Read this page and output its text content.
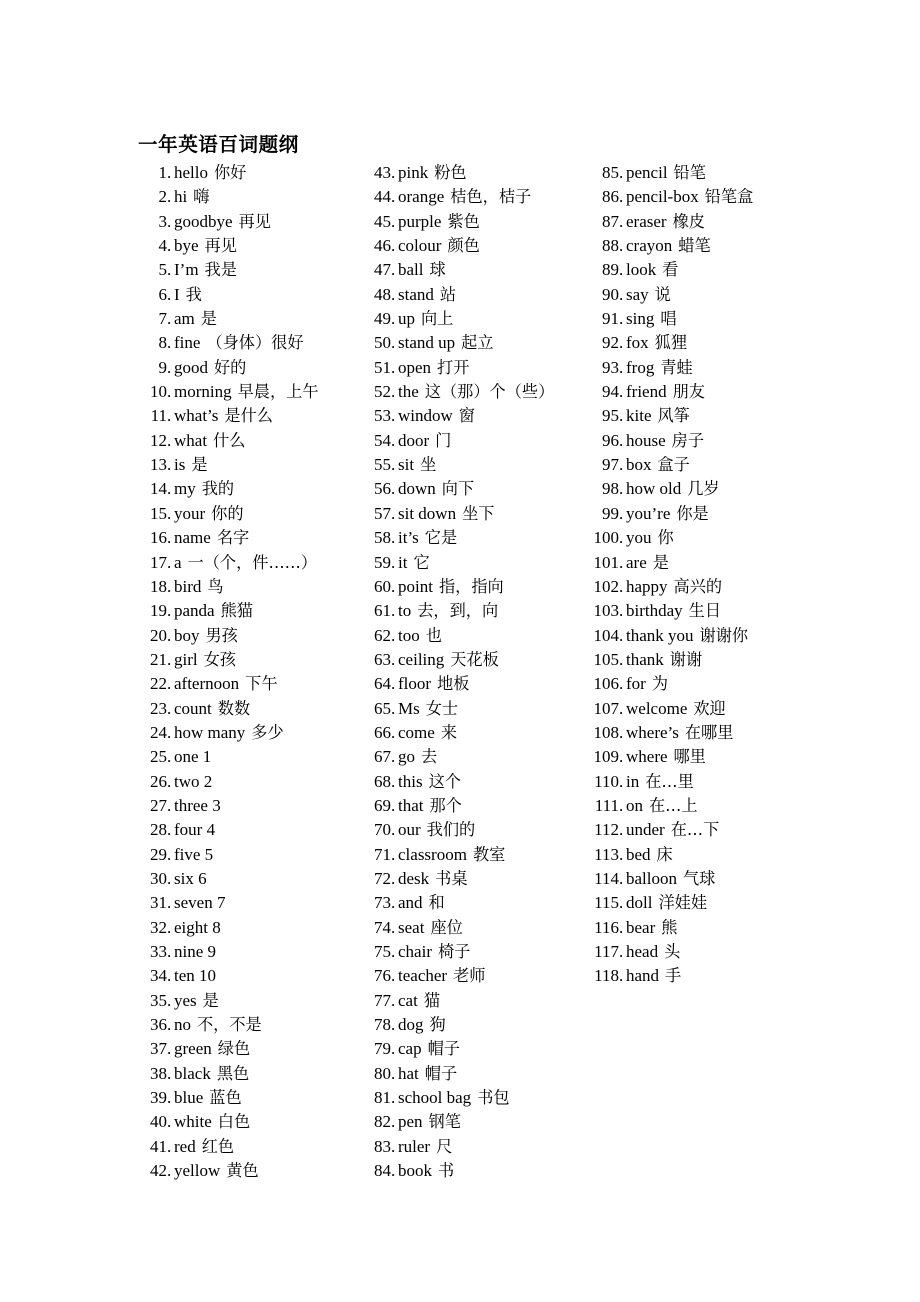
一年英语百词题纲
1. hello 你好
2. hi 嗨
3. goodbye 再见
4. bye 再见
5. I’m 我是
6. I 我
7. am 是
8. fine （身体）很好
9. good 好的
10. morning 早晨，上午
11. what’s 是什么
12. what 什么
13. is 是
14. my 我的
15. your 你的
16. name 名字
17. a 一（个，件……）
18. bird 鸟
19. panda 熊猫
20. boy 男孩
21. girl 女孩
22. afternoon 下午
23. count 数数
24. how many 多少
25. one 1
26. two 2
27. three 3
28. four 4
29. five 5
30. six 6
31. seven 7
32. eight 8
33. nine 9
34. ten 10
35. yes 是
36. no 不，不是
37. green 绿色
38. black 黑色
39. blue 蓝色
40. white 白色
41. red 红色
42. yellow 黄色
43. pink 粉色
44. orange 桔色，桔子
45. purple 紫色
46. colour 颜色
47. ball 球
48. stand 站
49. up 向上
50. stand up 起立
51. open 打开
52. the 这（那）个（些）
53. window 窗
54. door 门
55. sit 坐
56. down 向下
57. sit down 坐下
58. it’s 它是
59. it 它
60. point 指，指向
61. to 去，到，向
62. too 也
63. ceiling 天花板
64. floor 地板
65. Ms 女士
66. come 来
67. go 去
68. this 这个
69. that 那个
70. our 我们的
71. classroom 教室
72. desk 书桌
73. and 和
74. seat 座位
75. chair 椅子
76. teacher 老师
77. cat 猫
78. dog 狗
79. cap 帽子
80. hat 帽子
81. school bag 书包
82. pen 钢笔
83. ruler 尺
84. book 书
85. pencil 铅笔
86. pencil-box 铅笔盒
87. eraser 橡皮
88. crayon 蜡笔
89. look 看
90. say 说
91. sing 唱
92. fox 狐狸
93. frog 青蛙
94. friend 朋友
95. kite 风筝
96. house 房子
97. box 盒子
98. how old 几岁
99. you’re 你是
100. you 你
101. are 是
102. happy 高兴的
103. birthday 生日
104. thank you 谢谢你
105. thank 谢谢
106. for 为
107. welcome 欢迎
108. where’s 在哪里
109. where 哪里
110. in 在…里
111. on 在…上
112. under 在…下
113. bed 床
114. balloon 气球
115. doll 洋娃娃
116. bear 熊
117. head 头
118. hand 手
